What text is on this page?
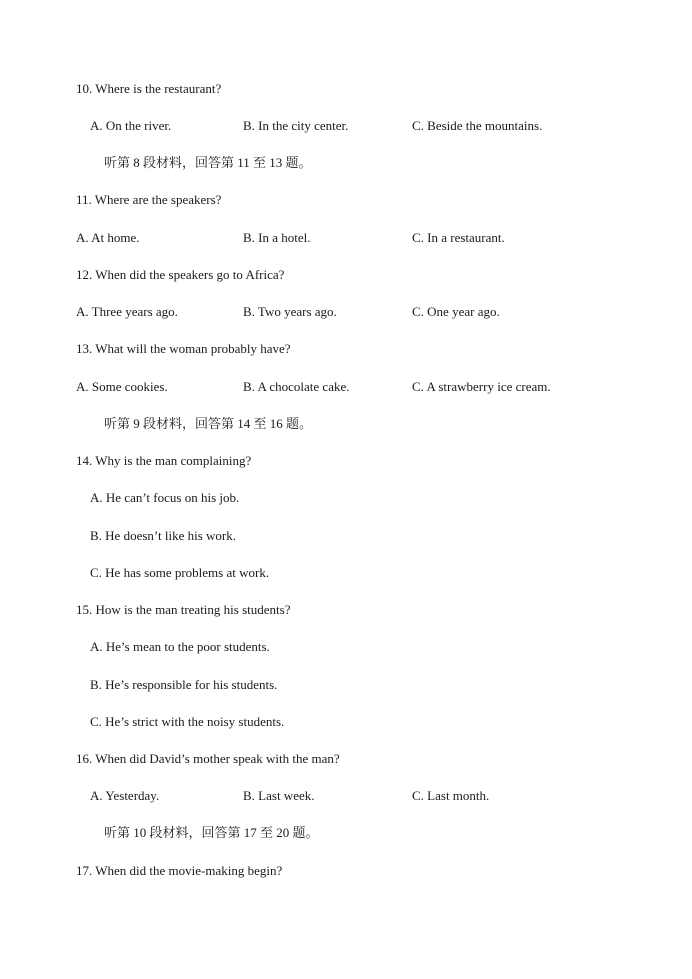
10. Where is the restaurant?
A. On the river.	B. In the city center.	C. Beside the mountains.
听第 8 段材料，回答第 11 至 13 题。
11. Where are the speakers?
A. At home.	B. In a hotel.	C. In a restaurant.
12. When did the speakers go to Africa?
A. Three years ago.	B. Two years ago.	C. One year ago.
13. What will the woman probably have?
A. Some cookies.	B. A chocolate cake.	C. A strawberry ice cream.
听第 9 段材料，回答第 14 至 16 题。
14. Why is the man complaining?
A. He can’t focus on his job.
B. He doesn’t like his work.
C. He has some problems at work.
15. How is the man treating his students?
A. He’s mean to the poor students.
B. He’s responsible for his students.
C. He’s strict with the noisy students.
16. When did David’s mother speak with the man?
A. Yesterday.	B. Last week.	C. Last month.
听第 10 段材料，回答第 17 至 20 题。
17. When did the movie-making begin?
